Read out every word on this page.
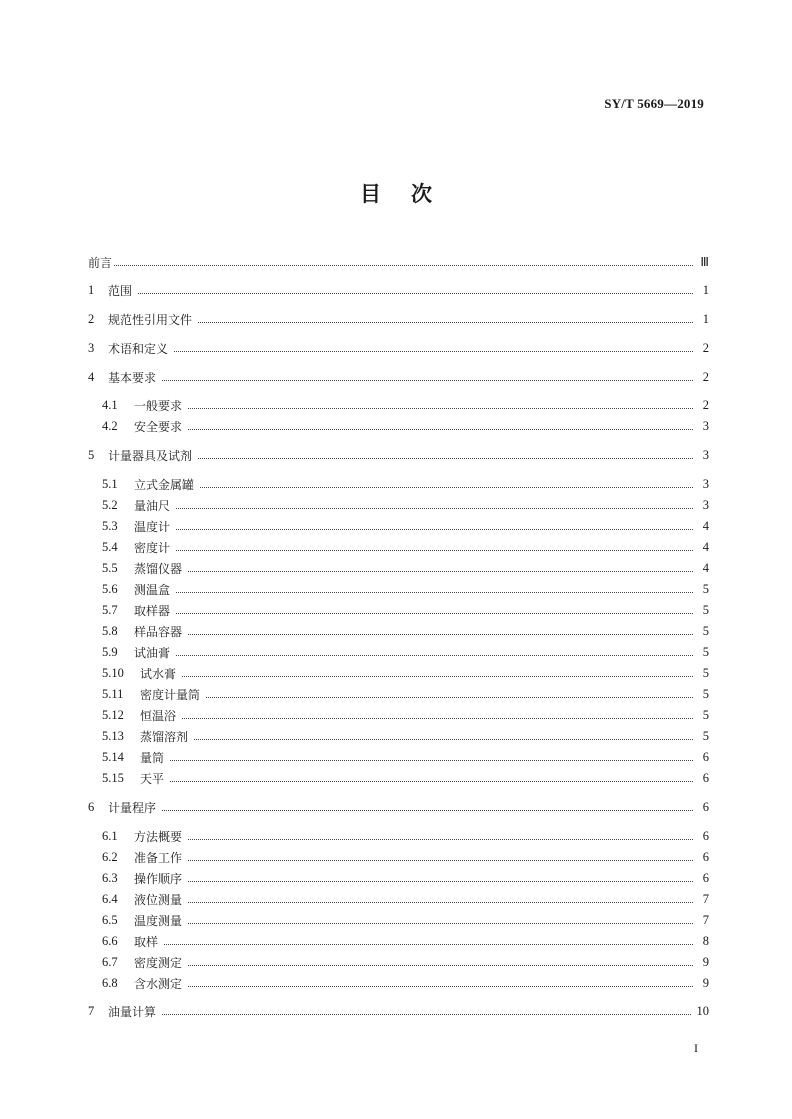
SY/T 5669—2019
目 次
前言	Ⅲ
1	范围	1
2	规范性引用文件	1
3	术语和定义	2
4	基本要求	2
4.1	一般要求	2
4.2	安全要求	3
5	计量器具及试剂	3
5.1	立式金属罐	3
5.2	量油尺	3
5.3	温度计	4
5.4	密度计	4
5.5	蒸馏仪器	4
5.6	测温盒	5
5.7	取样器	5
5.8	样品容器	5
5.9	试油膏	5
5.10	试水膏	5
5.11	密度计量筒	5
5.12	恒温浴	5
5.13	蒸馏溶剂	5
5.14	量筒	6
5.15	天平	6
6	计量程序	6
6.1	方法概要	6
6.2	准备工作	6
6.3	操作顺序	6
6.4	液位测量	7
6.5	温度测量	7
6.6	取样	8
6.7	密度测定	9
6.8	含水测定	9
7	油量计算	10
I
